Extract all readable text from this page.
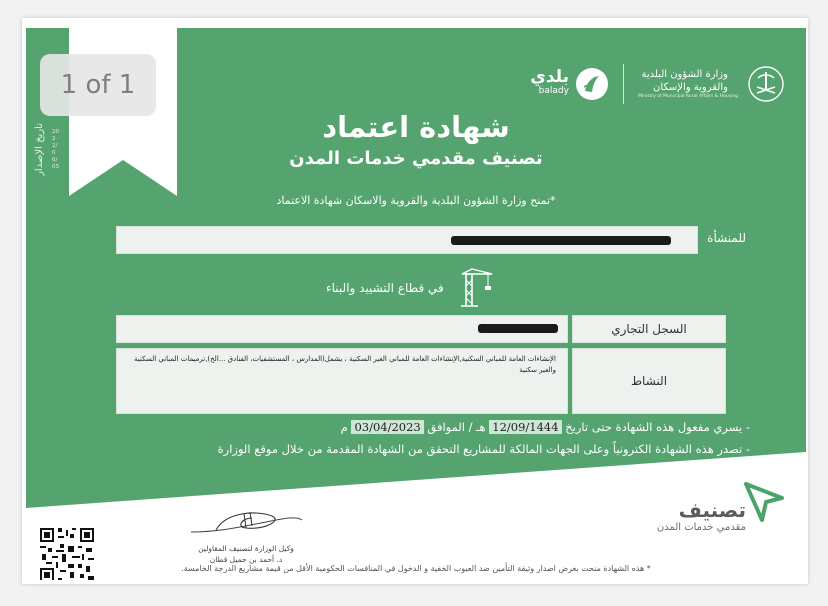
تاريخ الإصدار 2022/06/05
بلدي
balady
وزارة الشؤون البلدية والقروية والإسكان
Ministry of Municipal Rural Affairs & Housing
شهادة اعتماد
تصنيف مقدمي خدمات المدن
تمنح وزارة الشؤون البلدية والقروية والاسكان شهادة الاعتماد*
للمنشأة
في قطاع التشييد والبناء
السجل التجاري
الإنشاءات العامة للمباني السكنية,الإنشاءات العامة للمباني الغير السكنية ، يشمل(المدارس ، المستشفيات، الفنادق ...الخ),ترميمات المباني السكنية والغير سكنية
النشاط
- يسري مفعول هذه الشهادة حتى تاريخ 12/09/1444 هـ / الموافق 03/04/2023 م
- تصدر هذه الشهادة الكترونياً وعلى الجهات المالكة للمشاريع التحقق من الشهادة المقدمة من خلال موقع الوزارة
وكيل الوزارة لتصنيف المقاولين
د. أحمد بن جميل قطان
تصنيف
مقدمي خدمات المدن
* هذه الشهادة منحت بغرض اصدار وثيقة التأمين ضد العيوب الخفية و الدخول في المنافسات الحكومية الأقل من قيمة مشاريع الدرجة الخامسة.
1 of 1
